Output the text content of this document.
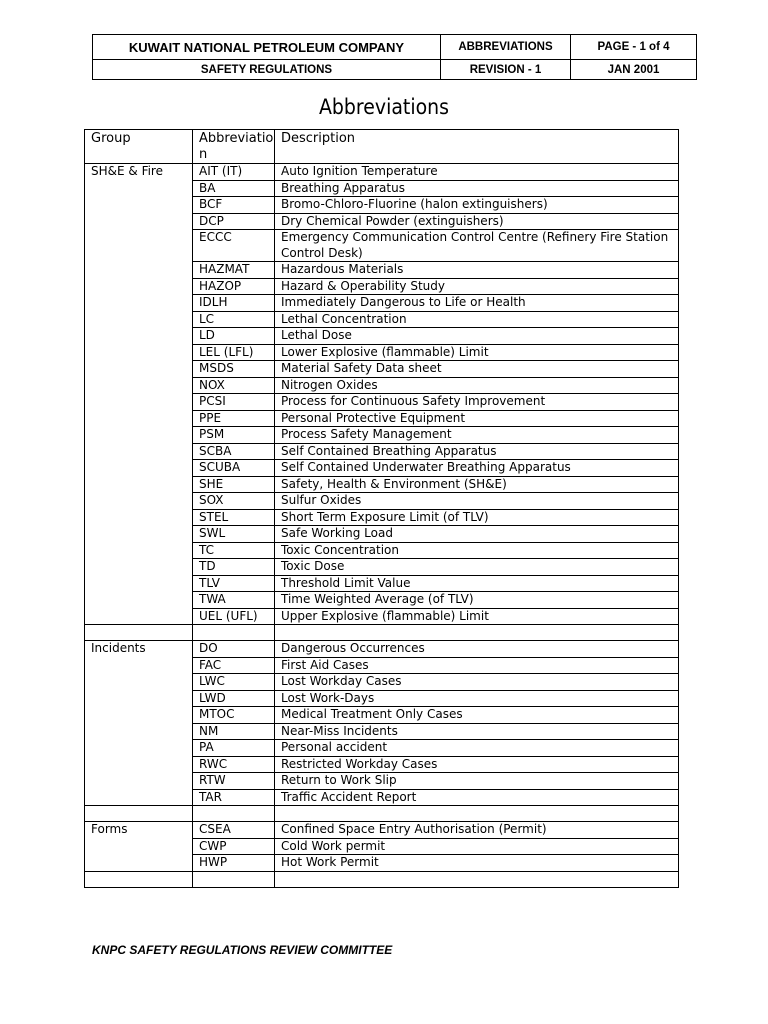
KUWAIT NATIONAL PETROLEUM COMPANY	ABBREVIATIONS	PAGE - 1 of 4
SAFETY REGULATIONS	REVISION - 1	JAN 2001
Abbreviations
Group	Abbreviation	Description
SH&E & Fire	AIT (IT)	Auto Ignition Temperature
	BA	Breathing Apparatus
	BCF	Bromo-Chloro-Fluorine (halon extinguishers)
	DCP	Dry Chemical Powder (extinguishers)
	ECCC	Emergency Communication Control Centre (Refinery Fire Station Control Desk)
	HAZMAT	Hazardous Materials
	HAZOP	Hazard & Operability Study
	IDLH	Immediately Dangerous to Life or Health
	LC	Lethal Concentration
	LD	Lethal Dose
	LEL (LFL)	Lower Explosive (flammable) Limit
	MSDS	Material Safety Data sheet
	NOX	Nitrogen Oxides
	PCSI	Process for Continuous Safety Improvement
	PPE	Personal Protective Equipment
	PSM	Process Safety Management
	SCBA	Self Contained Breathing Apparatus
	SCUBA	Self Contained Underwater Breathing Apparatus
	SHE	Safety, Health & Environment (SH&E)
	SOX	Sulfur Oxides
	STEL	Short Term Exposure Limit (of TLV)
	SWL	Safe Working Load
	TC	Toxic Concentration
	TD	Toxic Dose
	TLV	Threshold Limit Value
	TWA	Time Weighted Average (of TLV)
	UEL (UFL)	Upper Explosive (flammable) Limit

Incidents	DO	Dangerous Occurrences
	FAC	First Aid Cases
	LWC	Lost Workday Cases
	LWD	Lost Work-Days
	MTOC	Medical Treatment Only Cases
	NM	Near-Miss Incidents
	PA	Personal accident
	RWC	Restricted Workday Cases
	RTW	Return to Work Slip
	TAR	Traffic Accident Report

Forms	CSEA	Confined Space Entry Authorisation (Permit)
	CWP	Cold Work permit
	HWP	Hot Work Permit

KNPC SAFETY REGULATIONS REVIEW COMMITTEE
